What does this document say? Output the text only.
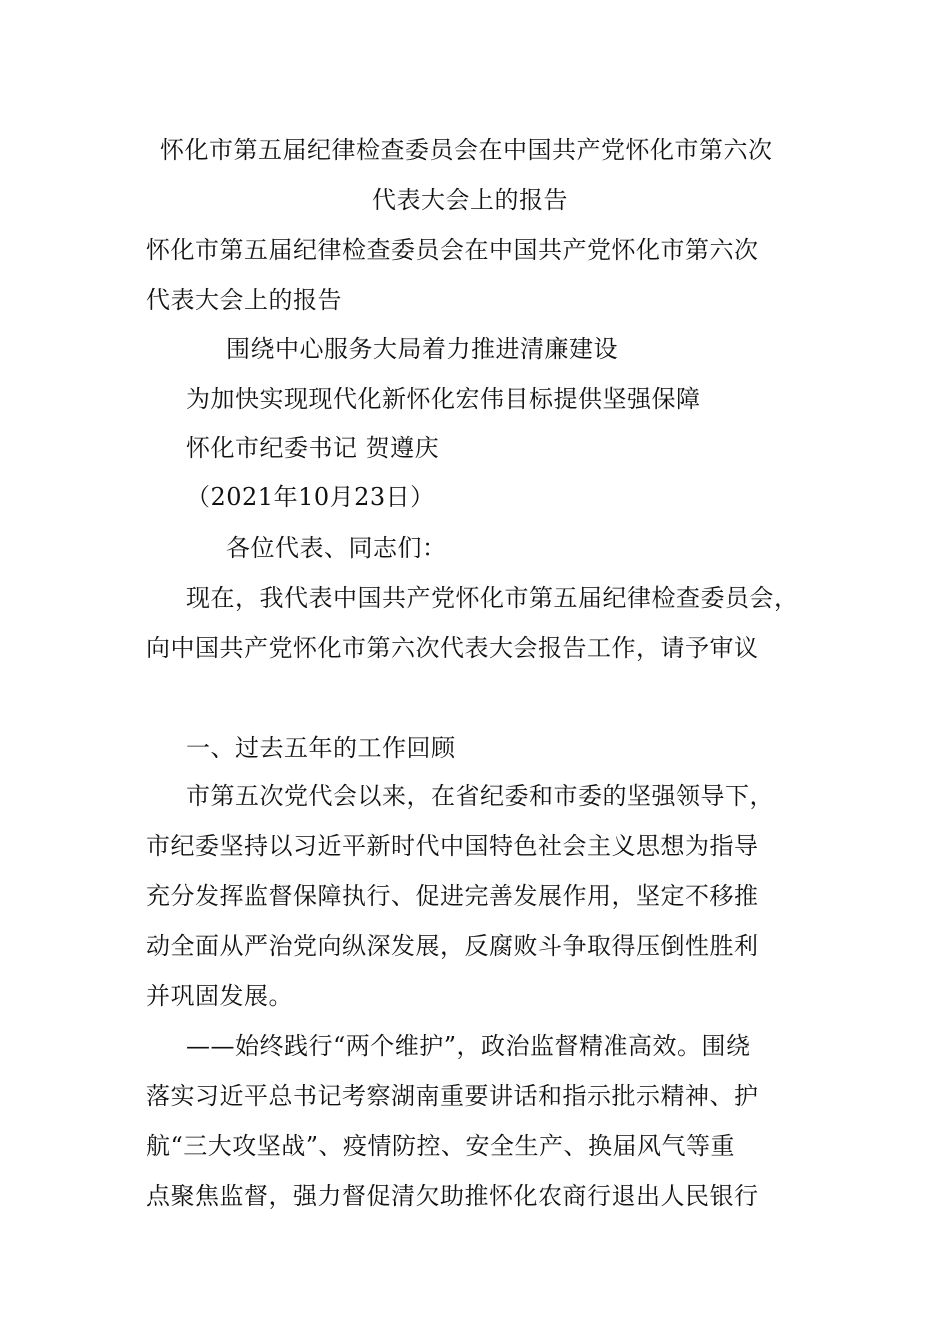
怀化市第五届纪律检查委员会在中国共产党怀化市第六次
代表大会上的报告
怀化市第五届纪律检查委员会在中国共产党怀化市第六次
代表大会上的报告
围绕中心服务大局着力推进清廉建设
为加快实现现代化新怀化宏伟目标提供坚强保障
怀化市纪委书记 贺遵庆
（2021年10月23日）
各位代表、同志们：
现在，我代表中国共产党怀化市第五届纪律检查委员会，
向中国共产党怀化市第六次代表大会报告工作，请予审议
一、过去五年的工作回顾
市第五次党代会以来，在省纪委和市委的坚强领导下，
市纪委坚持以习近平新时代中国特色社会主义思想为指导
充分发挥监督保障执行、促进完善发展作用，坚定不移推
动全面从严治党向纵深发展，反腐败斗争取得压倒性胜利
并巩固发展。
——始终践行“两个维护”，政治监督精准高效。围绕
落实习近平总书记考察湖南重要讲话和指示批示精神、护
航“三大攻坚战”、疫情防控、安全生产、换届风气等重
点聚焦监督，强力督促清欠助推怀化农商行退出人民银行
